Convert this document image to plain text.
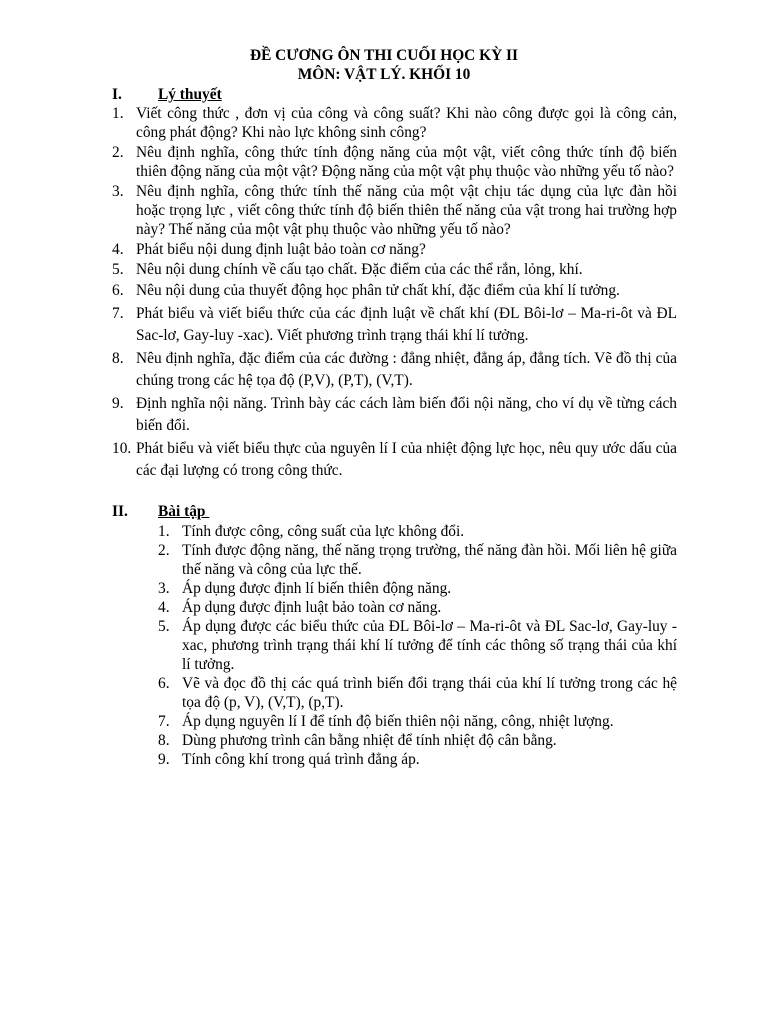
ĐỀ CƯƠNG ÔN THI CUỐI HỌC KỲ II
MÔN: VẬT LÝ. KHỐI 10
I.	Lý thuyết
1. Viết công thức , đơn vị của công và công suất? Khi nào công được gọi là công cản, công phát động? Khi nào lực không sinh công?
2. Nêu định nghĩa, công thức tính động năng của một vật, viết công thức tính độ biến thiên động năng của một vật? Động năng của một vật phụ thuộc vào những yếu tố nào?
3. Nêu định nghĩa, công thức tính thế năng của một vật chịu tác dụng của lực đàn hồi hoặc trọng lực , viết công thức tính độ biến thiên thế năng của vật trong hai trường hợp này? Thế năng của một vật phụ thuộc vào những yếu tố nào?
4. Phát biểu nội dung định luật bảo toàn cơ năng?
5. Nêu nội dung chính về cấu tạo chất. Đặc điểm của các thể rắn, lỏng, khí.
6. Nêu nội dung của thuyết động học phân tử chất khí, đặc điểm của khí lí tưởng.
7. Phát biểu và viết biểu thức của các định luật về chất khí (ĐL Bôi-lơ – Ma-ri-ôt và ĐL Sac-lơ, Gay-luy -xac). Viết phương trình trạng thái khí lí tưởng.
8. Nêu định nghĩa, đặc điểm của các đường : đẳng nhiệt, đẳng áp, đẳng tích. Vẽ đồ thị của chúng trong các hệ tọa độ (P,V), (P,T), (V,T).
9. Định nghĩa nội năng. Trình bày các cách làm biến đổi nội năng, cho ví dụ về từng cách biến đổi.
10. Phát biểu và viết biểu thực của nguyên lí I của nhiệt động lực học, nêu quy ước dấu của các đại lượng có trong công thức.
II.	Bài tập
1. Tính được công, công suất của lực không đổi.
2. Tính được động năng, thế năng trọng trường, thế năng đàn hồi. Mối liên hệ giữa thế năng và công của lực thế.
3. Áp dụng được định lí biến thiên động năng.
4. Áp dụng được định luật bảo toàn cơ năng.
5. Áp dụng được các biểu thức của ĐL Bôi-lơ – Ma-ri-ôt và ĐL Sac-lơ, Gay-luy -xac, phương trình trạng thái khí lí tưởng để tính các thông số trạng thái của khí lí tưởng.
6. Vẽ và đọc đồ thị các quá trình biến đổi trạng thái của khí lí tưởng trong các hệ tọa độ (p, V), (V,T), (p,T).
7. Áp dụng nguyên lí I để tính độ biến thiên nội năng, công, nhiệt lượng.
8. Dùng phương trình cân bằng nhiệt để tính nhiệt độ cân bằng.
9. Tính công khí trong quá trình đẳng áp.
